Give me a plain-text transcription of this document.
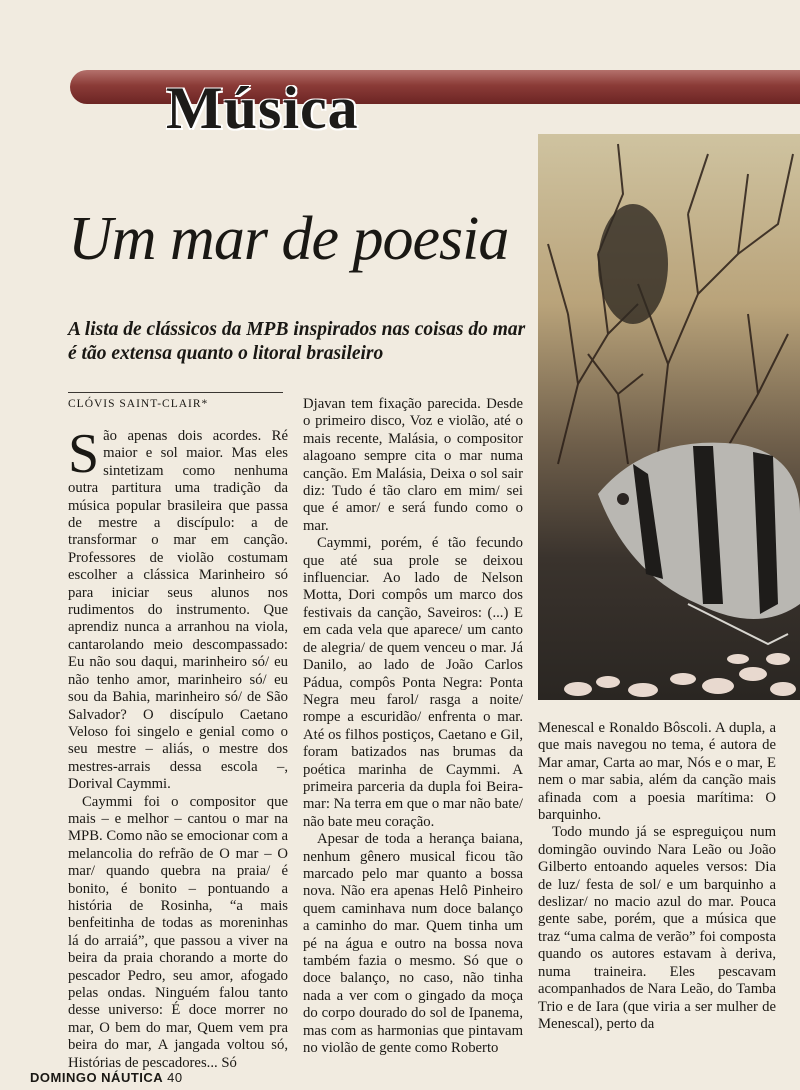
Música
Um mar de poesia
A lista de clássicos da MPB inspirados nas coisas do mar é tão extensa quanto o litoral brasileiro
CLÓVIS SAINT-CLAIR*

São apenas dois acordes. Ré maior e sol maior. Mas eles sintetizam como nenhuma outra partitura uma tradição da música popular brasileira que passa de mestre a discípulo: a de transformar o mar em canção. Professores de violão costumam escolher a clássica Marinheiro só para iniciar seus alunos nos rudimentos do instrumento. Que aprendiz nunca a arranhou na viola, cantarolando meio descompassado: Eu não sou daqui, marinheiro só/ eu não tenho amor, marinheiro só/ eu sou da Bahia, marinheiro só/ de São Salvador? O discípulo Caetano Veloso foi singelo e genial como o seu mestre – aliás, o mestre dos mestres-arrais dessa escola –, Dorival Caymmi.

Caymmi foi o compositor que mais – e melhor – cantou o mar na MPB. Como não se emocionar com a melancolia do refrão de O mar – O mar/ quando quebra na praia/ é bonito, é bonito – pontuando a história de Rosinha, “a mais benfeitinha de todas as moreninhas lá do arraiá”, que passou a viver na beira da praia chorando a morte do pescador Pedro, seu amor, afogado pelas ondas. Ninguém falou tanto desse universo: É doce morrer no mar, O bem do mar, Quem vem pra beira do mar, A jangada voltou só, Histórias de pescadores... Só

Djavan tem fixação parecida. Desde o primeiro disco, Voz e violão, até o mais recente, Malásia, o compositor alagoano sempre cita o mar numa canção. Em Malásia, Deixa o sol sair diz: Tudo é tão claro em mim/ sei que é amor/ e será fundo como o mar.

Caymmi, porém, é tão fecundo que até sua prole se deixou influenciar. Ao lado de Nelson Motta, Dori compôs um marco dos festivais da canção, Saveiros: (...) E em cada vela que aparece/ um canto de alegria/ de quem venceu o mar. Já Danilo, ao lado de João Carlos Pádua, compôs Ponta Negra: Ponta Negra meu farol/ rasga a noite/ rompe a escuridão/ enfrenta o mar. Até os filhos postiços, Caetano e Gil, foram batizados nas brumas da poética marinha de Caymmi. A primeira parceria da dupla foi Beira-mar: Na terra em que o mar não bate/ não bate meu coração.

Apesar de toda a herança baiana, nenhum gênero musical ficou tão marcado pelo mar quanto a bossa nova. Não era apenas Helô Pinheiro quem caminhava num doce balanço a caminho do mar. Quem tinha um pé na água e outro na bossa nova também fazia o mesmo. Só que o doce balanço, no caso, não tinha nada a ver com o gingado da moça do corpo dourado do sol de Ipanema, mas com as harmonias que pintavam no violão de gente como Roberto

Menescal e Ronaldo Bôscoli. A dupla, a que mais navegou no tema, é autora de Mar amar, Carta ao mar, Nós e o mar, E nem o mar sabia, além da canção mais afinada com a poesia marítima: O barquinho.

Todo mundo já se espreguiçou num domingão ouvindo Nara Leão ou João Gilberto entoando aqueles versos: Dia de luz/ festa de sol/ e um barquinho a deslizar/ no macio azul do mar. Pouca gente sabe, porém, que a música que traz “uma calma de verão” foi composta quando os autores estavam à deriva, numa traineira. Eles pescavam acompanhados de Nara Leão, do Tamba Trio e de Iara (que viria a ser mulher de Menescal), perto da

DOMINGO NÁUTICA 40
